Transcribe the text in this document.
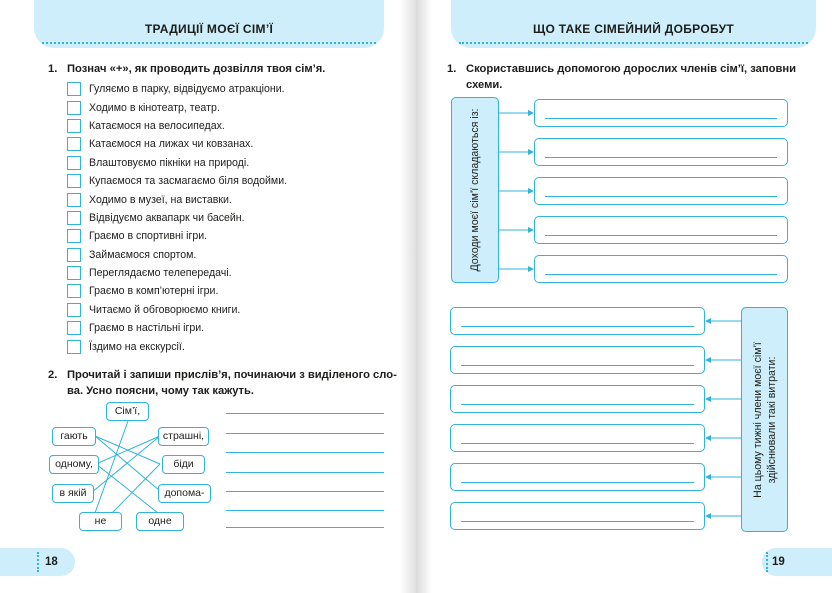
ТРАДИЦІЇ МОЄЇ СІМ’Ї
1. Познач «+», як проводить дозвілля твоя сім’я.
Гуляємо в парку, відвідуємо атракціони.
Ходимо в кінотеатр, театр.
Катаємося на велосипедах.
Катаємося на лижах чи ковзанах.
Влаштовуємо пікніки на природі.
Купаємося та засмагаємо біля водойми.
Ходимо в музеї, на виставки.
Відвідуємо аквапарк чи басейн.
Граємо в спортивні ігри.
Займаємося спортом.
Переглядаємо телепередачі.
Граємо в комп’ютерні ігри.
Читаємо й обговорюємо книги.
Граємо в настільні ігри.
Їздимо на екскурсії.
2. Прочитай і запиши прислів’я, починаючи з виділеного сло-
ва. Усно поясни, чому так кажуть.
Сім’ї,
гають	страшні,
одному,	біди
в якій	допома-
не	одне
18
ЩО ТАКЕ СІМЕЙНИЙ ДОБРОБУТ
1. Скориставшись допомогою дорослих членів сім’ї, заповни
схеми.
Доходи моєї сім’ї складаються із:
На цьому тижні члени моєї сім’ї здійснювали такі витрати:
19
